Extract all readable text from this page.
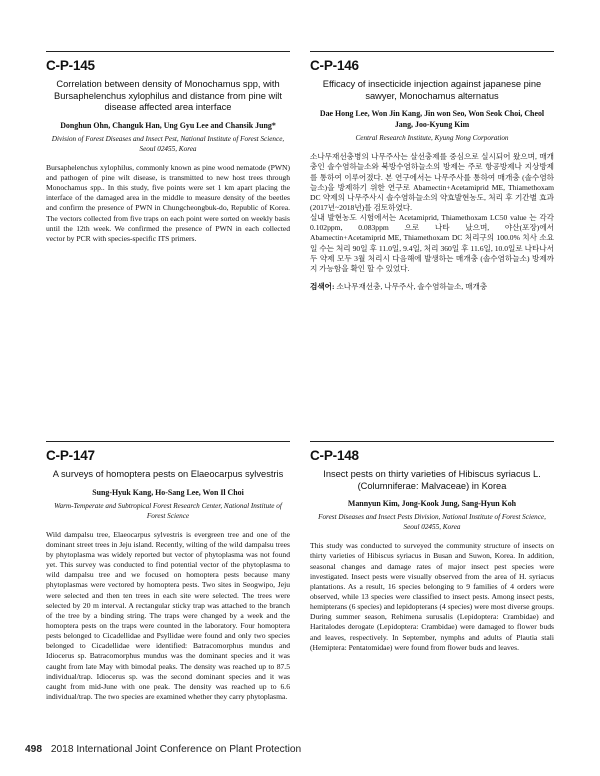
C-P-145
Correlation between density of Monochamus spp, with Bursaphelenchus xylophilus and distance from pine wilt disease affected area interface
Donghun Ohn, Changuk Han, Ung Gyu Lee and Chansik Jung*
Division of Forest Diseases and Insect Pest, National Institute of Forest Science, Seoul 02455, Korea
Bursaphelenchus xylophilus, commonly known as pine wood nematode (PWN) and pathogen of pine wilt disease, is transmitted to new host trees through Monochamus spp.. In this study, five points were set 1 km apart placing the interface of the damaged area in the middle to measure density of the beetles and confirm the presence of PWN in Chungcheongbuk-do, Republic of Korea. The vectors collected from five traps on each point were sorted on weekly basis until the 12th week. We confirmed the presence of PWN in each collected vector by PCR with species-specific ITS primers.
C-P-146
Efficacy of insecticide injection against japanese pine sawyer, Monochamus alternatus
Dae Hong Lee, Won Jin Kang, Jin won Seo, Won Seok Choi, Cheol Jang, Joo-Kyung Kim
Central Research Institute, Kyung Nong Corporation

소나무재선충병의 나무주사는 살선충제를 중심으로 실시되어 왔으며, 매개충인 솔수염하늘소와 북방수염하늘소의 방제는 주로 항공방제나 지상방제를 통하여 이루어졌다. 본 연구에서는 나무주사를 통하여 매개충 (솔수염하늘소)을 방제하기 위한 연구로 Abamectin+Acetamiprid ME, Thiamethoxam DC 약제의 나무주사시 솔수염하늘소의 약효발현농도, 처리 후 기간별 효과(2017년~2018년)를 검토하였다.

실내 발현농도 시험에서는 Acetamiprid, Thiamethoxam LC50 value 는 각각 0.102ppm, 0.083ppm 으로 나타 났으며, 야산(포장)에서 Abamectin+Acetamiprid ME, Thiamethoxam DC 처리구의 100.0% 치사 소요일 수는 처리 90일 후 11.0일, 9.4일, 처리 360일 후 11.6일, 10.0일로 나타나서 두 약제 모두 3월 처리시 다음해에 발생하는 매개충 (솔수염하늘소) 방제까지 가능함을 확인 할 수 있었다.

검색어: 소나무재선충, 나무주사, 솔수염하늘소, 매개충
C-P-147
A surveys of homoptera pests on Elaeocarpus sylvestris
Sung-Hyuk Kang, Ho-Sang Lee, Won Il Choi
Warm-Temperate and Subtropical Forest Research Center, National Institute of Forest Science
Wild dampalsu tree, Elaeocarpus sylvestris is evergreen tree and one of the dominant street trees in Jeju island. Recently, wilting of the wild dampalsu trees by phytoplasma was widely reported but vector of phytoplasma was not found yet. This survey was conducted to find potential vector of the phytoplasma to wild dampalsu tree and we focused on homoptera pests because many phytoplasmas were vectored by homoptera pests. Two sites in Seogwipo, Jeju were selected and then ten trees in each site were selected. The trees were selected by 20 m interval. A rectangular sticky trap was attached to the branch of the tree by a binding string. The traps were changed by a week and the homoptera pests on the traps were counted in the laboratory. Four homoptera pests belonged to Cicadellidae and Psyllidae were found and only two species belonged to Cicadellidae were identified: Batracomorphus mundus and Idiocerus sp. Batracomorphus mundus was the dominant species and it was caught from late May with bimodal peaks. The density was reached up to 87.5 individual/trap. Idiocerus sp. was the second dominant species and it was caught from mid-June with one peak. The density was reached up to 6.6 individual/trap. The two species are examined whether they carry phytoplasma.
C-P-148
Insect pests on thirty varieties of Hibiscus syriacus L. (Columniferae: Malvaceae) in Korea
Mannyun Kim, Jong-Kook Jung, Sang-Hyun Koh
Forest Diseases and Insect Pests Division, National Institute of Forest Science, Seoul 02455, Korea
This study was conducted to surveyed the community structure of insects on thirty varieties of Hibiscus syriacus in Busan and Suwon, Korea. In addition, seasonal changes and damage rates of major insect pest species were investigated. Insect pests were visually observed from the area of H. syriacus plantations. As a result, 16 species belonging to 9 families of 4 orders were observed, while 13 species were classified to insect pests. Among insect pests, hemipterans (6 species) and lepidopterans (4 species) were most diverse groups. During summer season, Rehimena surusalis (Lepidoptera: Crambidae) and Haritalodes derogate (Lepidoptera: Crambidae) were damaged to flower buds and leaves, respectively. In September, nymphs and adults of Plautia stali (Hemiptera: Pentatomidae) were found from flower buds and leaves.
498 2018 International Joint Conference on Plant Protection
